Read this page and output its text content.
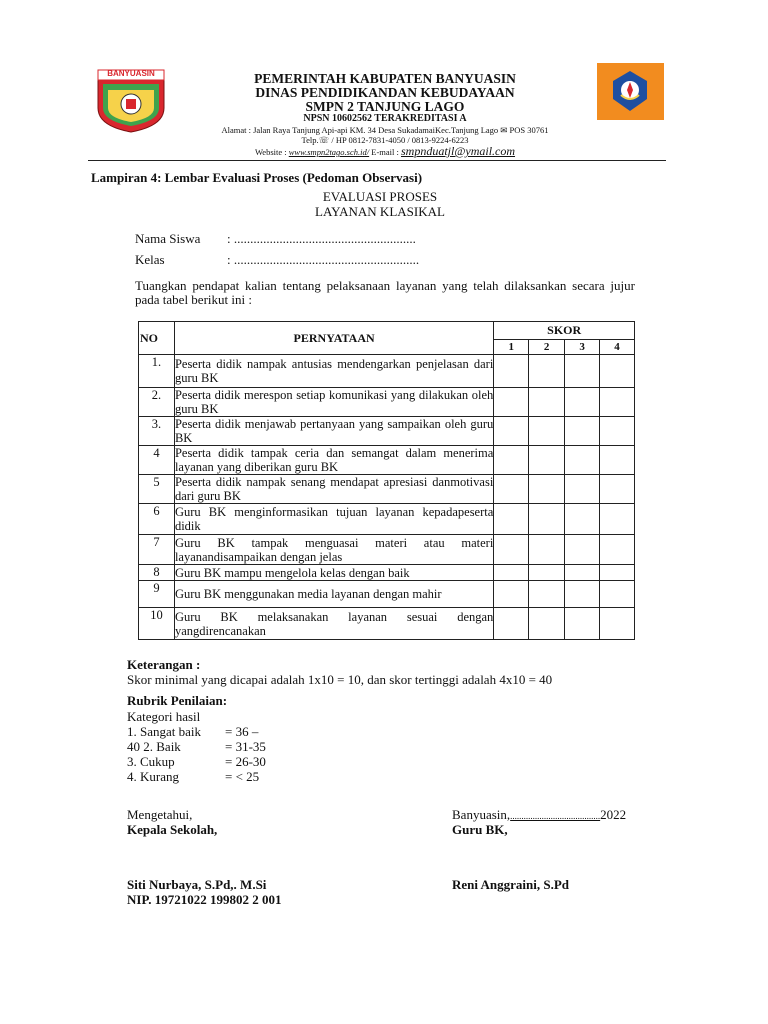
BANYUASIN	PEMERINTAH KABUPATEN BANYUASIN
DINAS PENDIDIKANDAN KEBUDAYAAN
SMPN 2 TANJUNG LAGO
NPSN 10602562 TERAKREDITASI A
Alamat : Jalan Raya Tanjung Api-api KM. 34 Desa SukadamaiKec.Tanjung Lago ✉ POS 30761
Telp.☏ / HP 0812-7831-4050 / 0813-9224-6223
Website : www.smpn2tago.sch.id/ E-mail : smpnduatjl@ymail.com
Lampiran 4: Lembar Evaluasi Proses (Pedoman Observasi)
EVALUASI PROSES
LAYANAN KLASIKAL
Nama Siswa : ........................................................
Kelas	: .........................................................
Tuangkan pendapat kalian tentang pelaksanaan layanan yang telah dilaksankan secara jujur pada tabel berikut ini :
NO	PERNYATAAN	SKOR			
		1	2	3	4
1.	Peserta didik nampak antusias mendengarkan penjelasan dari guru BK				
2.	Peserta didik merespon setiap komunikasi yang dilakukan oleh guru BK				
3.	Peserta didik menjawab pertanyaan yang sampaikan oleh guru BK				
4	Peserta didik tampak ceria dan semangat dalam menerima layanan yang diberikan guru BK				
5	Peserta didik nampak senang mendapat apresiasi danmotivasi dari guru BK				
6	Guru BK menginformasikan tujuan layanan kepadapeserta didik				
7	Guru BK tampak menguasai materi atau materi layanandisampaikan dengan jelas				
8	Guru BK mampu mengelola kelas dengan baik				
9	Guru BK menggunakan media layanan dengan mahir				
10	Guru BK melaksanakan layanan sesuai dengan yangdirencanakan				
Keterangan :
Skor minimal yang dicapai adalah 1x10 = 10, dan skor tertinggi adalah 4x10 = 40
Rubrik Penilaian:
Kategori hasil
1. Sangat baik = 36 –
40 2. Baik	= 31-35
3. Cukup	= 26-30
4. Kurang	= < 25
Mengetahui,
Kepala Sekolah,
Siti Nurbaya, S.Pd,. M.Si
NIP. 19721022 199802 2 001
Banyuasin,........................................2022
Guru BK,
Reni Anggraini, S.Pd
